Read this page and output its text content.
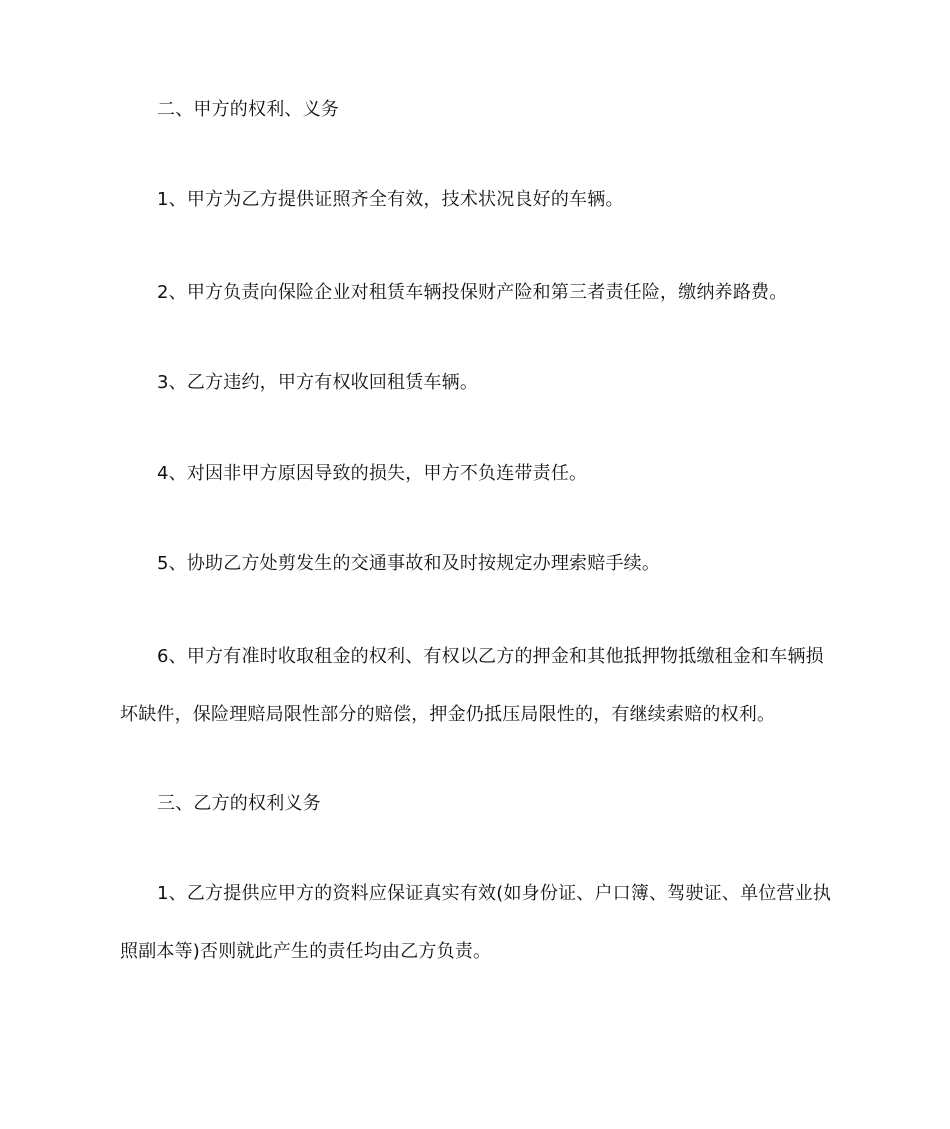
二、甲方的权利、义务
1、甲方为乙方提供证照齐全有效，技术状况良好的车辆。
2、甲方负责向保险企业对租赁车辆投保财产险和第三者责任险，缴纳养路费。
3、乙方违约，甲方有权收回租赁车辆。
4、对因非甲方原因导致的损失，甲方不负连带责任。
5、协助乙方处剪发生的交通事故和及时按规定办理索赔手续。
6、甲方有准时收取租金的权利、有权以乙方的押金和其他抵押物抵缴租金和车辆损
坏缺件，保险理赔局限性部分的赔偿，押金仍抵压局限性的，有继续索赔的权利。
三、乙方的权利义务
1、乙方提供应甲方的资料应保证真实有效(如身份证、户口簿、驾驶证、单位营业执
照副本等)否则就此产生的责任均由乙方负责。
